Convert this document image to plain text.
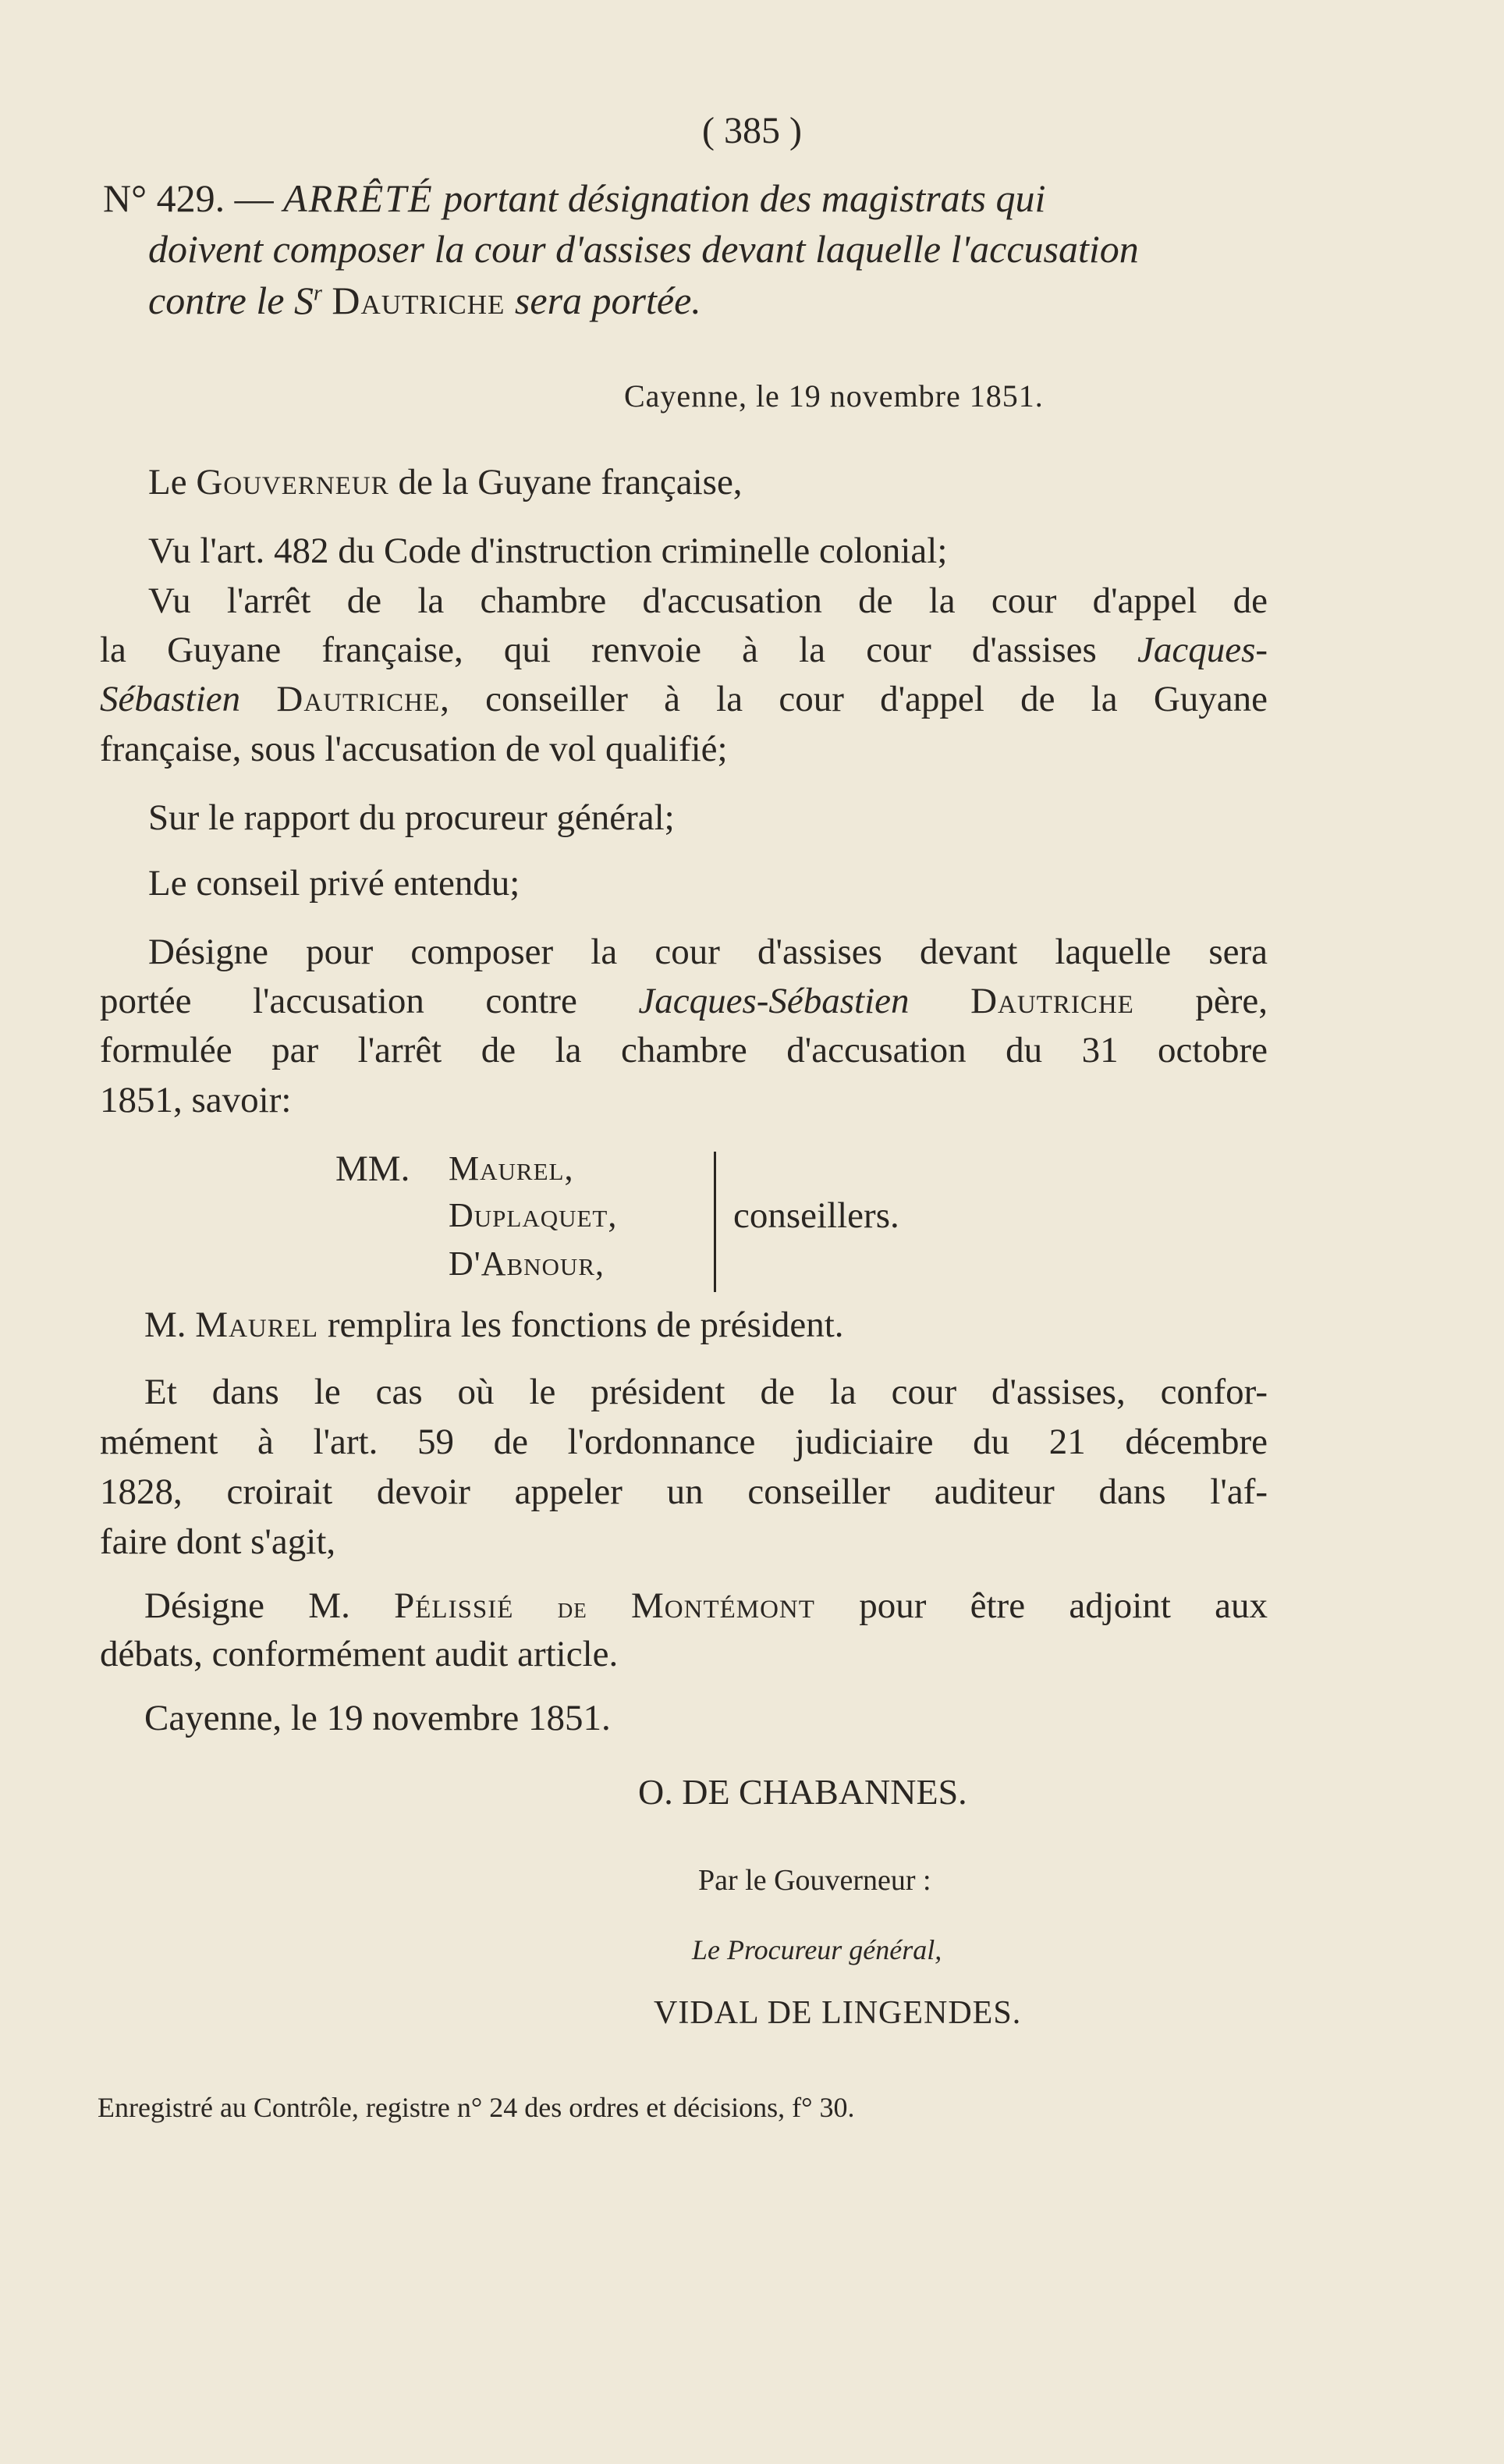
( 385 )
N° 429. — ARRÊTÉ portant désignation des magistrats qui
doivent composer la cour d'assises devant laquelle l'accusation
contre le $S^r$ Dautriche sera portée.
Cayenne, le 19 novembre 1851.
Le Gouverneur de la Guyane française,
Vu l'art. 482 du Code d'instruction criminelle colonial;
Vu l'arrêt de la chambre d'accusation de la cour d'appel de
la Guyane française, qui renvoie à la cour d'assises Jacques-
Sébastien Dautriche, conseiller à la cour d'appel de la Guyane
française, sous l'accusation de vol qualifié;
Sur le rapport du procureur général;
Le conseil privé entendu;
Désigne pour composer la cour d'assises devant laquelle sera
portée l'accusation contre Jacques-Sébastien Dautriche père,
formulée par l'arrêt de la chambre d'accusation du 31 octobre
1851, savoir:
MM.	Maurel,
Duplaquet,
D'Abnour,
conseillers.
M. Maurel remplira les fonctions de président.
Et dans le cas où le président de la cour d'assises, confor-
mément à l'art. 59 de l'ordonnance judiciaire du 21 décembre
1828, croirait devoir appeler un conseiller auditeur dans l'af-
faire dont s'agit,
Désigne M. Pélissié de Montémont pour être adjoint aux
débats, conformément audit article.
Cayenne, le 19 novembre 1851.
O. DE CHABANNES.
Par le Gouverneur :
Le Procureur général,
VIDAL DE LINGENDES.
Enregistré au Contrôle, registre n° 24 des ordres et décisions, f° 30.
